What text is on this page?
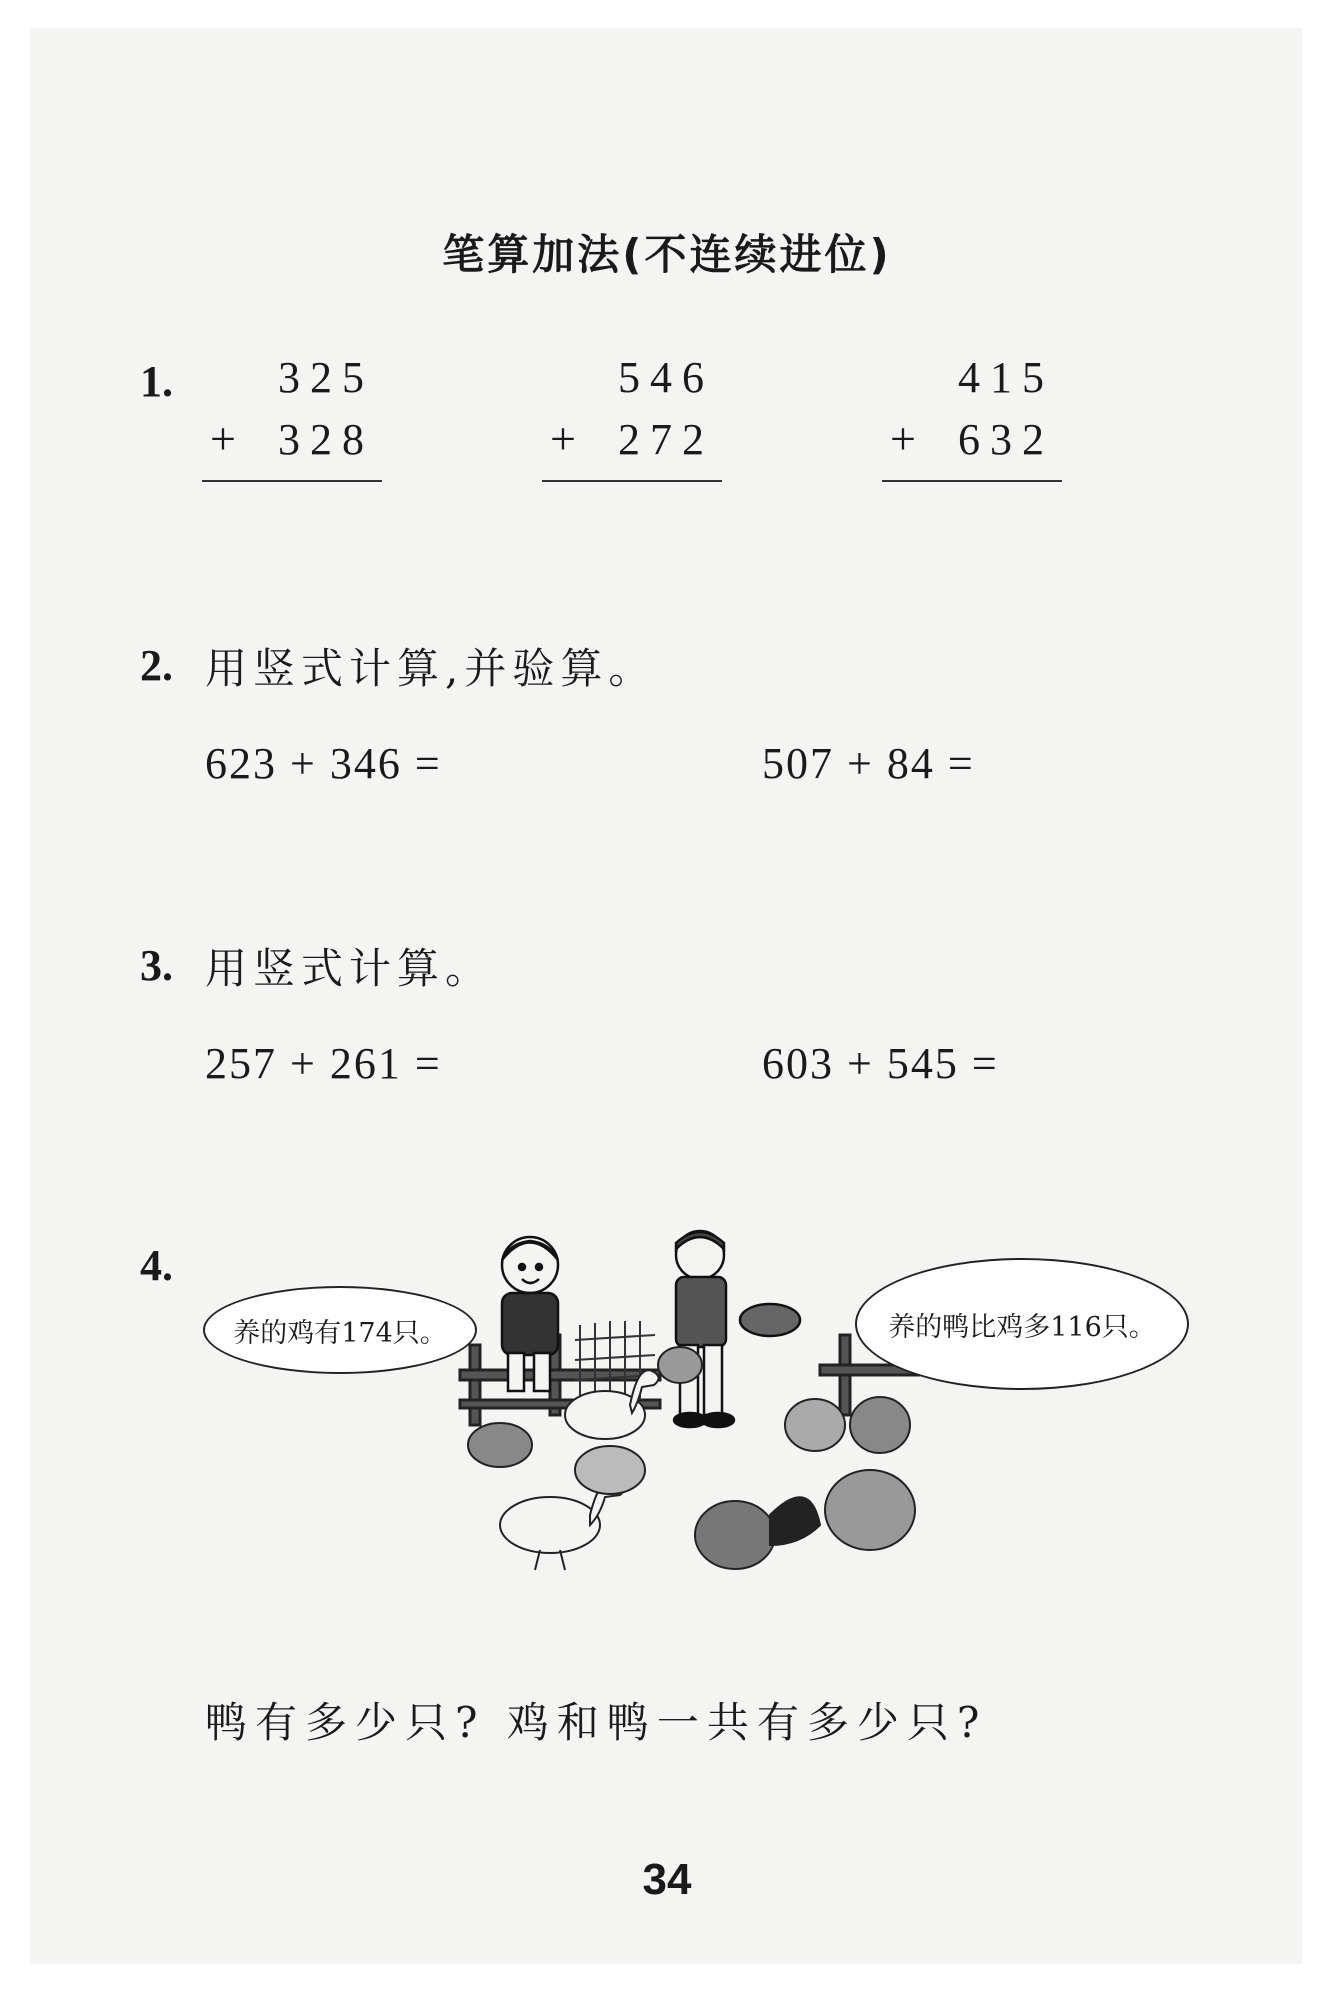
笔算加法(不连续进位)
1. 325
+ 328
546
+ 272
415
+ 632
2. 用竖式计算,并验算。
623 + 346 =	507 + 84 =
3. 用竖式计算。
257 + 261 =	603 + 545 =
4.
养的鸡有174只。	养的鸭比鸡多116只。
鸭有多少只? 鸡和鸭一共有多少只?
34
